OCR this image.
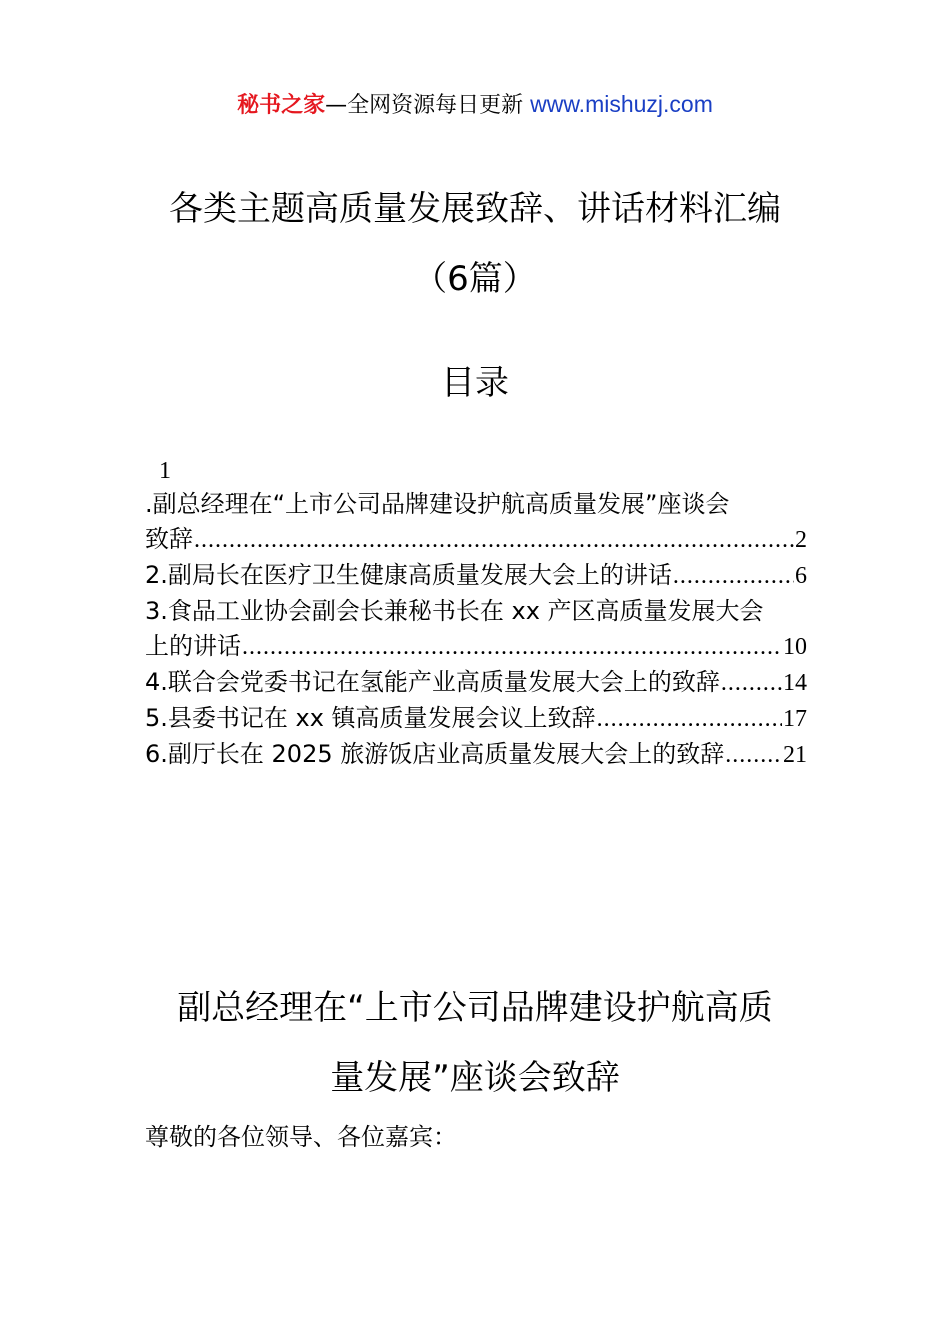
秘书之家—全网资源每日更新 www.mishuzj.com
各类主题高质量发展致辞、讲话材料汇编
（6篇）
目录
1
.副总经理在“上市公司品牌建设护航高质量发展”座谈会
致辞 .....	2
2.副局长在医疗卫生健康高质量发展大会上的讲话 .....	6
3.食品工业协会副会长兼秘书长在 xx 产区高质量发展大会
上的讲话 .....	10
4.联合会党委书记在氢能产业高质量发展大会上的致辞 .....	14
5.县委书记在 xx 镇高质量发展会议上致辞 .....	17
6.副厅长在 2025 旅游饭店业高质量发展大会上的致辞 ..... 21
副总经理在“上市公司品牌建设护航高质
量发展”座谈会致辞
尊敬的各位领导、各位嘉宾：
